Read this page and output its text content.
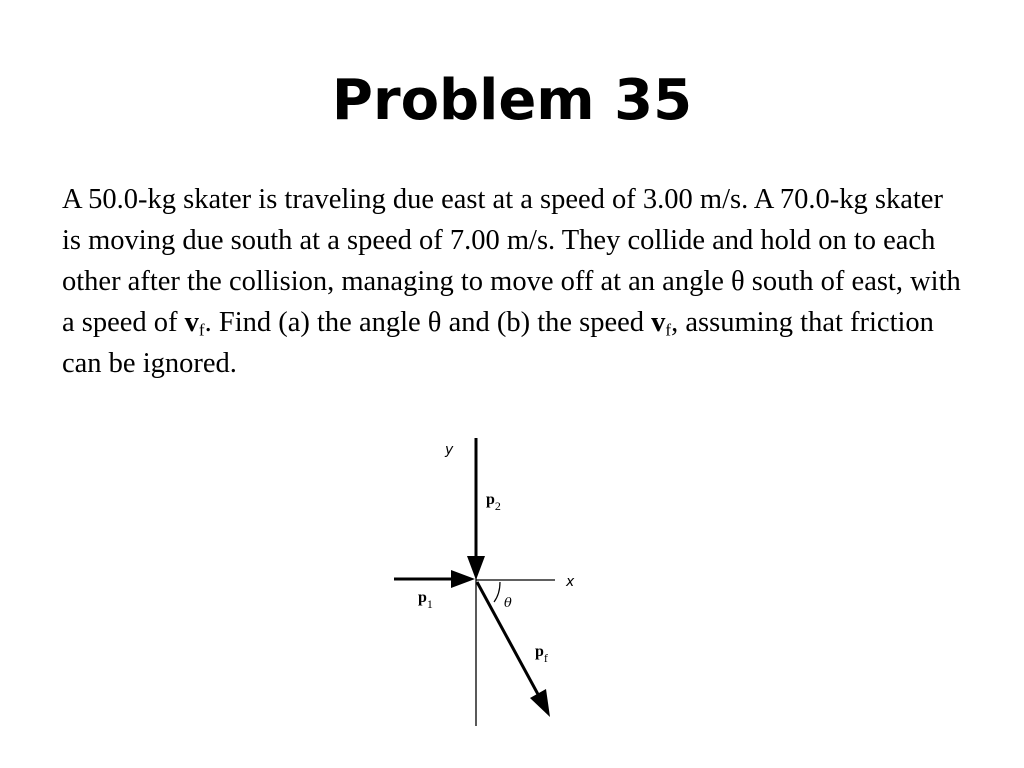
Problem 35

A 50.0-kg skater is traveling due east at a speed of 3.00 m/s. A 70.0-kg skater is moving due south at a speed of 7.00 m/s. They collide and hold on to each other after the collision, managing to move off at an angle θ south of east, with a speed of $v_f$. Find (a) the angle θ and (b) the speed $v_f$, assuming that friction can be ignored.

y
x
θ
$p_2$
$p_1$
$p_f$
